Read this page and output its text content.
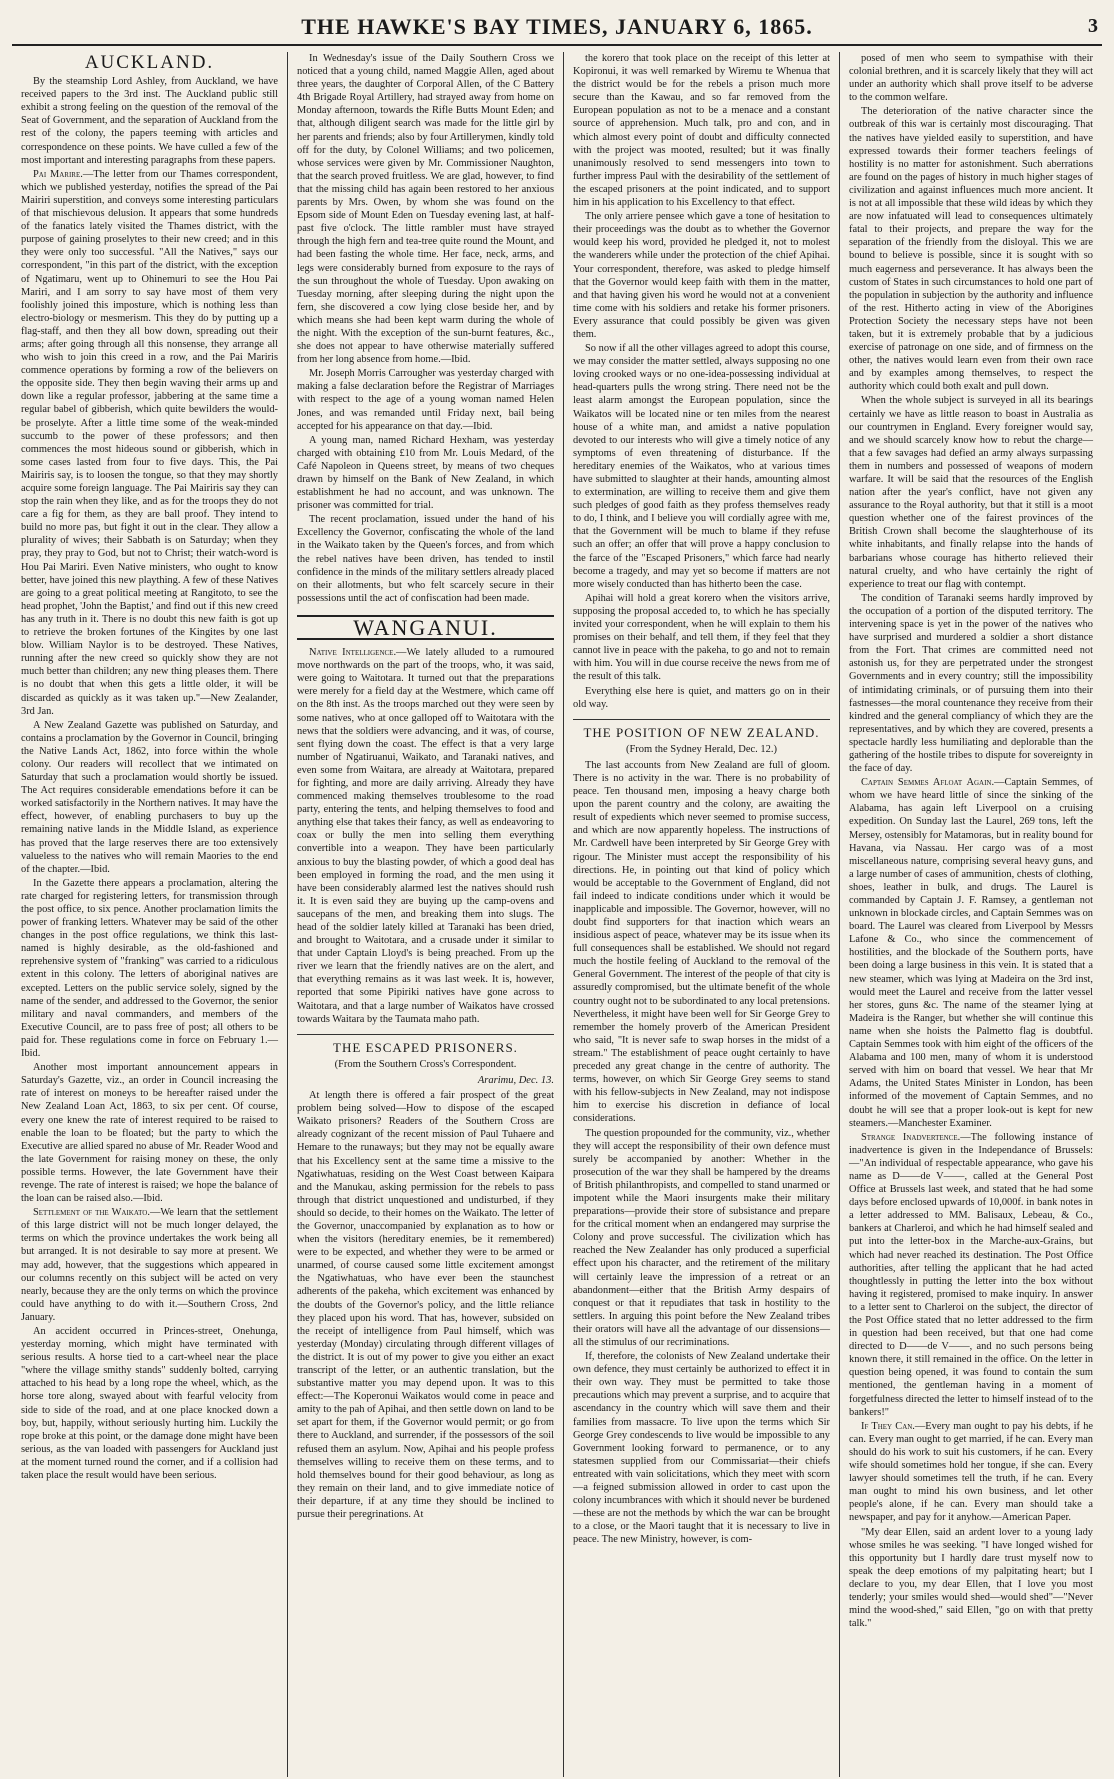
THE HAWKE'S BAY TIMES, JANUARY 6, 1865.	3
AUCKLAND.

By the steamship Lord Ashley, from Auckland, we have received papers to the 3rd inst. The Auckland public still exhibit a strong feeling on the question of the removal of the Seat of Government, and the separation of Auckland from the rest of the colony, the papers teeming with articles and correspondence on these points. We have culled a few of the most important and interesting paragraphs from these papers.

Pai Marire.—The letter from our Thames correspondent, which we published yesterday, notifies the spread of the Pai Mairiri superstition, and conveys some interesting particulars of that mischievous delusion. It appears that some hundreds of the fanatics lately visited the Thames district, with the purpose of gaining proselytes to their new creed; and in this they were only too successful. "All the Natives," says our correspondent, "in this part of the district, with the exception of Ngatimaru, went up to Ohinemuri to see the Hou Pai Mariri, and I am sorry to say have most of them very foolishly joined this imposture, which is nothing less than electro-biology or mesmerism. This they do by putting up a flag-staff, and then they all bow down, spreading out their arms; after going through all this nonsense, they arrange all who wish to join this creed in a row, and the Pai Mariris commence operations by forming a row of the believers on the opposite side. They then begin waving their arms up and down like a regular professor, jabbering at the same time a regular babel of gibberish, which quite bewilders the would-be proselyte. After a little time some of the weak-minded succumb to the power of these professors; and then commences the most hideous sound or gibberish, which in some cases lasted from four to five days. This, the Pai Mairiris say, is to loosen the tongue, so that they may shortly acquire some foreign language. The Pai Mairiris say they can stop the rain when they like, and as for the troops they do not care a fig for them, as they are ball proof. They intend to build no more pas, but fight it out in the clear. They allow a plurality of wives; their Sabbath is on Saturday; when they pray, they pray to God, but not to Christ; their watch-word is Hou Pai Mariri. Even Native ministers, who ought to know better, have joined this new plaything. A few of these Natives are going to a great political meeting at Rangitoto, to see the head prophet, 'John the Baptist,' and find out if this new creed has any truth in it. There is no doubt this new faith is got up to retrieve the broken fortunes of the Kingites by one last blow. William Naylor is to be destroyed. These Natives, running after the new creed so quickly show they are not much better than children; any new thing pleases them. There is no doubt that when this gets a little older, it will be discarded as quickly as it was taken up."—New Zealander, 3rd Jan.

A New Zealand Gazette was published on Saturday, and contains a proclamation by the Governor in Council, bringing the Native Lands Act, 1862, into force within the whole colony. Our readers will recollect that we intimated on Saturday that such a proclamation would shortly be issued. The Act requires considerable emendations before it can be worked satisfactorily in the Northern natives. It may have the effect, however, of enabling purchasers to buy up the remaining native lands in the Middle Island, as experience has proved that the large reserves there are too extensively valueless to the natives who will remain Maories to the end of the chapter.—Ibid.

In the Gazette there appears a proclamation, altering the rate charged for registering letters, for transmission through the post office, to six pence. Another proclamation limits the power of franking letters. Whatever may be said of the other changes in the post office regulations, we think this last-named is highly desirable, as the old-fashioned and reprehensive system of "franking" was carried to a ridiculous extent in this colony. The letters of aboriginal natives are excepted. Letters on the public service solely, signed by the name of the sender, and addressed to the Governor, the senior military and naval commanders, and members of the Executive Council, are to pass free of post; all others to be paid for. These regulations come in force on February 1.—Ibid.

Another most important announcement appears in Saturday's Gazette, viz., an order in Council increasing the rate of interest on moneys to be hereafter raised under the New Zealand Loan Act, 1863, to six per cent. Of course, every one knew the rate of interest required to be raised to enable the loan to be floated; but the party to which the Executive are allied spared no abuse of Mr. Reader Wood and the late Government for raising money on these, the only possible terms. However, the late Government have their revenge. The rate of interest is raised; we hope the balance of the loan can be raised also.—Ibid.

Settlement of the Waikato.—We learn that the settlement of this large district will not be much longer delayed, the terms on which the province undertakes the work being all but arranged. It is not desirable to say more at present. We may add, however, that the suggestions which appeared in our columns recently on this subject will be acted on very nearly, because they are the only terms on which the province could have anything to do with it.—Southern Cross, 2nd January.

An accident occurred in Princes-street, Onehunga, yesterday morning, which might have terminated with serious results. A horse tied to a cart-wheel near the place "where the village smithy stands" suddenly bolted, carrying attached to his head by a long rope the wheel, which, as the horse tore along, swayed about with fearful velocity from side to side of the road, and at one place knocked down a boy, but, happily, without seriously hurting him. Luckily the rope broke at this point, or the damage done might have been serious, as the van loaded with passengers for Auckland just at the moment turned round the corner, and if a collision had taken place the result would have been serious.

In Wednesday's issue of the Daily Southern Cross we noticed that a young child, named Maggie Allen, aged about three years, the daughter of Corporal Allen, of the C Battery 4th Brigade Royal Artillery, had strayed away from home on Monday afternoon, towards the Rifle Butts Mount Eden; and that, although diligent search was made for the little girl by her parents and friends; also by four Artillerymen, kindly told off for the duty, by Colonel Williams; and two policemen, whose services were given by Mr. Commissioner Naughton, that the search proved fruitless. We are glad, however, to find that the missing child has again been restored to her anxious parents by Mrs. Owen, by whom she was found on the Epsom side of Mount Eden on Tuesday evening last, at half-past five o'clock. The little rambler must have strayed through the high fern and tea-tree quite round the Mount, and had been fasting the whole time. Her face, neck, arms, and legs were considerably burned from exposure to the rays of the sun throughout the whole of Tuesday. Upon awaking on Tuesday morning, after sleeping during the night upon the fern, she discovered a cow lying close beside her, and by which means she had been kept warm during the whole of the night. With the exception of the sun-burnt features, &c., she does not appear to have otherwise materially suffered from her long absence from home.—Ibid.

Mr. Joseph Morris Carrougher was yesterday charged with making a false declaration before the Registrar of Marriages with respect to the age of a young woman named Helen Jones, and was remanded until Friday next, bail being accepted for his appearance on that day.—Ibid.

A young man, named Richard Hexham, was yesterday charged with obtaining £10 from Mr. Louis Medard, of the Café Napoleon in Queens street, by means of two cheques drawn by himself on the Bank of New Zealand, in which establishment he had no account, and was unknown. The prisoner was committed for trial.

The recent proclamation, issued under the hand of his Excellency the Governor, confiscating the whole of the land in the Waikato taken by the Queen's forces, and from which the rebel natives have been driven, has tended to instil confidence in the minds of the military settlers already placed on their allotments, but who felt scarcely secure in their possessions until the act of confiscation had been made.

WANGANUI.

Native Intelligence.—We lately alluded to a rumoured move northwards on the part of the troops, who, it was said, were going to Waitotara. It turned out that the preparations were merely for a field day at the Westmere, which came off on the 8th inst. As the troops marched out they were seen by some natives, who at once galloped off to Waitotara with the news that the soldiers were advancing, and it was, of course, sent flying down the coast. The effect is that a very large number of Ngatiruanui, Waikato, and Taranaki natives, and even some from Waitara, are already at Waitotara, prepared for fighting, and more are daily arriving. Already they have commenced making themselves troublesome to the road party, entering the tents, and helping themselves to food and anything else that takes their fancy, as well as endeavoring to coax or bully the men into selling them everything convertible into a weapon. They have been particularly anxious to buy the blasting powder, of which a good deal has been employed in forming the road, and the men using it have been considerably alarmed lest the natives should rush it. It is even said they are buying up the camp-ovens and saucepans of the men, and breaking them into slugs. The head of the soldier lately killed at Taranaki has been dried, and brought to Waitotara, and a crusade under it similar to that under Captain Lloyd's is being preached. From up the river we learn that the friendly natives are on the alert, and that everything remains as it was last week. It is, however, reported that some Pipiriki natives have gone across to Waitotara, and that a large number of Waikatos have crossed towards Waitara by the Taumata maho path.

THE ESCAPED PRISONERS.
(From the Southern Cross's Correspondent.
Ararimu, Dec. 13.

At length there is offered a fair prospect of the great problem being solved—How to dispose of the escaped Waikato prisoners? Readers of the Southern Cross are already cognizant of the recent mission of Paul Tuhaere and Hemare to the runaways; but they may not be equally aware that his Excellency sent at the same time a missive to the Ngatiwhatuas, residing on the West Coast between Kaipara and the Manukau, asking permission for the rebels to pass through that district unquestioned and undisturbed, if they should so decide, to their homes on the Waikato. The letter of the Governor, unaccompanied by explanation as to how or when the visitors (hereditary enemies, be it remembered) were to be expected, and whether they were to be armed or unarmed, of course caused some little excitement amongst the Ngatiwhatuas, who have ever been the staunchest adherents of the pakeha, which excitement was enhanced by the doubts of the Governor's policy, and the little reliance they placed upon his word. That has, however, subsided on the receipt of intelligence from Paul himself, which was yesterday (Monday) circulating through different villages of the district. It is out of my power to give you either an exact transcript of the letter, or an authentic translation, but the substantive matter you may depend upon. It was to this effect:—The Koperonui Waikatos would come in peace and amity to the pah of Apihai, and then settle down on land to be set apart for them, if the Governor would permit; or go from there to Auckland, and surrender, if the possessors of the soil refused them an asylum. Now, Apihai and his people profess themselves willing to receive them on these terms, and to hold themselves bound for their good behaviour, as long as they remain on their land, and to give immediate notice of their departure, if at any time they should be inclined to pursue their peregrinations. At

the korero that took place on the receipt of this letter at Kopironui, it was well remarked by Wiremu te Whenua that the district would be for the rebels a prison much more secure than the Kawau, and so far removed from the European population as not to be a menace and a constant source of apprehension. Much talk, pro and con, and in which almost every point of doubt and difficulty connected with the project was mooted, resulted; but it was finally unanimously resolved to send messengers into town to further impress Paul with the desirability of the settlement of the escaped prisoners at the point indicated, and to support him in his application to his Excellency to that effect.

The only arriere pensee which gave a tone of hesitation to their proceedings was the doubt as to whether the Governor would keep his word, provided he pledged it, not to molest the wanderers while under the protection of the chief Apihai. Your correspondent, therefore, was asked to pledge himself that the Governor would keep faith with them in the matter, and that having given his word he would not at a convenient time come with his soldiers and retake his former prisoners. Every assurance that could possibly be given was given them.

So now if all the other villages agreed to adopt this course, we may consider the matter settled, always supposing no one loving crooked ways or no one-idea-possessing individual at head-quarters pulls the wrong string. There need not be the least alarm amongst the European population, since the Waikatos will be located nine or ten miles from the nearest house of a white man, and amidst a native population devoted to our interests who will give a timely notice of any symptoms of even threatening of disturbance. If the hereditary enemies of the Waikatos, who at various times have submitted to slaughter at their hands, amounting almost to extermination, are willing to receive them and give them such pledges of good faith as they profess themselves ready to do, I think, and I believe you will cordially agree with me, that the Government will be much to blame if they refuse such an offer; an offer that will prove a happy conclusion to the farce of the "Escaped Prisoners," which farce had nearly become a tragedy, and may yet so become if matters are not more wisely conducted than has hitherto been the case.

Apihai will hold a great korero when the visitors arrive, supposing the proposal acceded to, to which he has specially invited your correspondent, when he will explain to them his promises on their behalf, and tell them, if they feel that they cannot live in peace with the pakeha, to go and not to remain with him. You will in due course receive the news from me of the result of this talk.

Everything else here is quiet, and matters go on in their old way.

THE POSITION OF NEW ZEALAND.
(From the Sydney Herald, Dec. 12.)

The last accounts from New Zealand are full of gloom. There is no activity in the war. There is no probability of peace. Ten thousand men, imposing a heavy charge both upon the parent country and the colony, are awaiting the result of expedients which never seemed to promise success, and which are now apparently hopeless. The instructions of Mr. Cardwell have been interpreted by Sir George Grey with rigour. The Minister must accept the responsibility of his directions. He, in pointing out that kind of policy which would be acceptable to the Government of England, did not fail indeed to indicate conditions under which it would be inapplicable and impossible. The Governor, however, will no doubt find supporters for that inaction which wears an insidious aspect of peace, whatever may be its issue when its full consequences shall be established. We should not regard much the hostile feeling of Auckland to the removal of the General Government. The interest of the people of that city is assuredly compromised, but the ultimate benefit of the whole country ought not to be subordinated to any local pretensions. Nevertheless, it might have been well for Sir George Grey to remember the homely proverb of the American President who said, "It is never safe to swap horses in the midst of a stream." The establishment of peace ought certainly to have preceded any great change in the centre of authority. The terms, however, on which Sir George Grey seems to stand with his fellow-subjects in New Zealand, may not indispose him to exercise his discretion in defiance of local considerations.

The question propounded for the community, viz., whether they will accept the responsibility of their own defence must surely be accompanied by another: Whether in the prosecution of the war they shall be hampered by the dreams of British philanthropists, and compelled to stand unarmed or impotent while the Maori insurgents make their military preparations—provide their store of subsistance and prepare for the critical moment when an endangered may surprise the Colony and prove successful. The civilization which has reached the New Zealander has only produced a superficial effect upon his character, and the retirement of the military will certainly leave the impression of a retreat or an abandonment—either that the British Army despairs of conquest or that it repudiates that task in hostility to the settlers. In arguing this point before the New Zealand tribes their orators will have all the advantage of our dissensions—all the stimulus of our recriminations.

If, therefore, the colonists of New Zealand undertake their own defence, they must certainly be authorized to effect it in their own way. They must be permitted to take those precautions which may prevent a surprise, and to acquire that ascendancy in the country which will save them and their families from massacre. To live upon the terms which Sir George Grey condescends to live would be impossible to any Government looking forward to permanence, or to any statesmen supplied from our Commissariat—their chiefs entreated with vain solicitations, which they meet with scorn—a feigned submission allowed in order to cast upon the colony incumbrances with which it should never be burdened—these are not the methods by which the war can be brought to a close, or the Maori taught that it is necessary to live in peace. The new Ministry, however, is com-

posed of men who seem to sympathise with their colonial brethren, and it is scarcely likely that they will act under an authority which shall prove itself to be adverse to the common welfare.

The deterioration of the native character since the outbreak of this war is certainly most discouraging. That the natives have yielded easily to superstition, and have expressed towards their former teachers feelings of hostility is no matter for astonishment. Such aberrations are found on the pages of history in much higher stages of civilization and against influences much more ancient. It is not at all impossible that these wild ideas by which they are now infatuated will lead to consequences ultimately fatal to their projects, and prepare the way for the separation of the friendly from the disloyal. This we are bound to believe is possible, since it is sought with so much eagerness and perseverance. It has always been the custom of States in such circumstances to hold one part of the population in subjection by the authority and influence of the rest. Hitherto acting in view of the Aborigines Protection Society the necessary steps have not been taken, but it is extremely probable that by a judicious exercise of patronage on one side, and of firmness on the other, the natives would learn even from their own race and by examples among themselves, to respect the authority which could both exalt and pull down.

When the whole subject is surveyed in all its bearings certainly we have as little reason to boast in Australia as our countrymen in England. Every foreigner would say, and we should scarcely know how to rebut the charge—that a few savages had defied an army always surpassing them in numbers and possessed of weapons of modern warfare. It will be said that the resources of the English nation after the year's conflict, have not given any assurance to the Royal authority, but that it still is a moot question whether one of the fairest provinces of the British Crown shall become the slaughterhouse of its white inhabitants, and finally relapse into the hands of barbarians whose courage has hitherto relieved their natural cruelty, and who have certainly the right of experience to treat our flag with contempt.

The condition of Taranaki seems hardly improved by the occupation of a portion of the disputed territory. The intervening space is yet in the power of the natives who have surprised and murdered a soldier a short distance from the Fort. That crimes are committed need not astonish us, for they are perpetrated under the strongest Governments and in every country; still the impossibility of intimidating criminals, or of pursuing them into their fastnesses—the moral countenance they receive from their kindred and the general compliancy of which they are the representatives, and by which they are covered, presents a spectacle hardly less humiliating and deplorable than the gathering of the hostile tribes to dispute for sovereignty in the face of day.

Captain Semmes Afloat Again.—Captain Semmes, of whom we have heard little of since the sinking of the Alabama, has again left Liverpool on a cruising expedition. On Sunday last the Laurel, 269 tons, left the Mersey, ostensibly for Matamoras, but in reality bound for Havana, via Nassau. Her cargo was of a most miscellaneous nature, comprising several heavy guns, and a large number of cases of ammunition, chests of clothing, shoes, leather in bulk, and drugs. The Laurel is commanded by Captain J. F. Ramsey, a gentleman not unknown in blockade circles, and Captain Semmes was on board. The Laurel was cleared from Liverpool by Messrs Lafone & Co., who since the commencement of hostilities, and the blockade of the Southern ports, have been doing a large business in this vein. It is stated that a new steamer, which was lying at Madeira on the 3rd inst, would meet the Laurel and receive from the latter vessel her stores, guns &c. The name of the steamer lying at Madeira is the Ranger, but whether she will continue this name when she hoists the Palmetto flag is doubtful. Captain Semmes took with him eight of the officers of the Alabama and 100 men, many of whom it is understood served with him on board that vessel. We hear that Mr Adams, the United States Minister in London, has been informed of the movement of Captain Semmes, and no doubt he will see that a proper look-out is kept for new steamers.—Manchester Examiner.

Strange Inadvertence.—The following instance of inadvertence is given in the Independance of Brussels:—"An individual of respectable appearance, who gave his name as D——de V——, called at the General Post Office at Brussels last week, and stated that he had some days before enclosed upwards of 10,000f. in bank notes in a letter addressed to MM. Balisaux, Lebeau, & Co., bankers at Charleroi, and which he had himself sealed and put into the letter-box in the Marche-aux-Grains, but which had never reached its destination. The Post Office authorities, after telling the applicant that he had acted thoughtlessly in putting the letter into the box without having it registered, promised to make inquiry. In answer to a letter sent to Charleroi on the subject, the director of the Post Office stated that no letter addressed to the firm in question had been received, but that one had come directed to D——de V——, and no such persons being known there, it still remained in the office. On the letter in question being opened, it was found to contain the sum mentioned, the gentleman having in a moment of forgetfulness directed the letter to himself instead of to the bankers!"

If They Can.—Every man ought to pay his debts, if he can. Every man ought to get married, if he can. Every man should do his work to suit his customers, if he can. Every wife should sometimes hold her tongue, if she can. Every lawyer should sometimes tell the truth, if he can. Every man ought to mind his own business, and let other people's alone, if he can. Every man should take a newspaper, and pay for it anyhow.—American Paper.

"My dear Ellen, said an ardent lover to a young lady whose smiles he was seeking. "I have longed wished for this opportunity but I hardly dare trust myself now to speak the deep emotions of my palpitating heart; but I declare to you, my dear Ellen, that I love you most tenderly; your smiles would shed—would shed"—"Never mind the wood-shed," said Ellen, "go on with that pretty talk."
